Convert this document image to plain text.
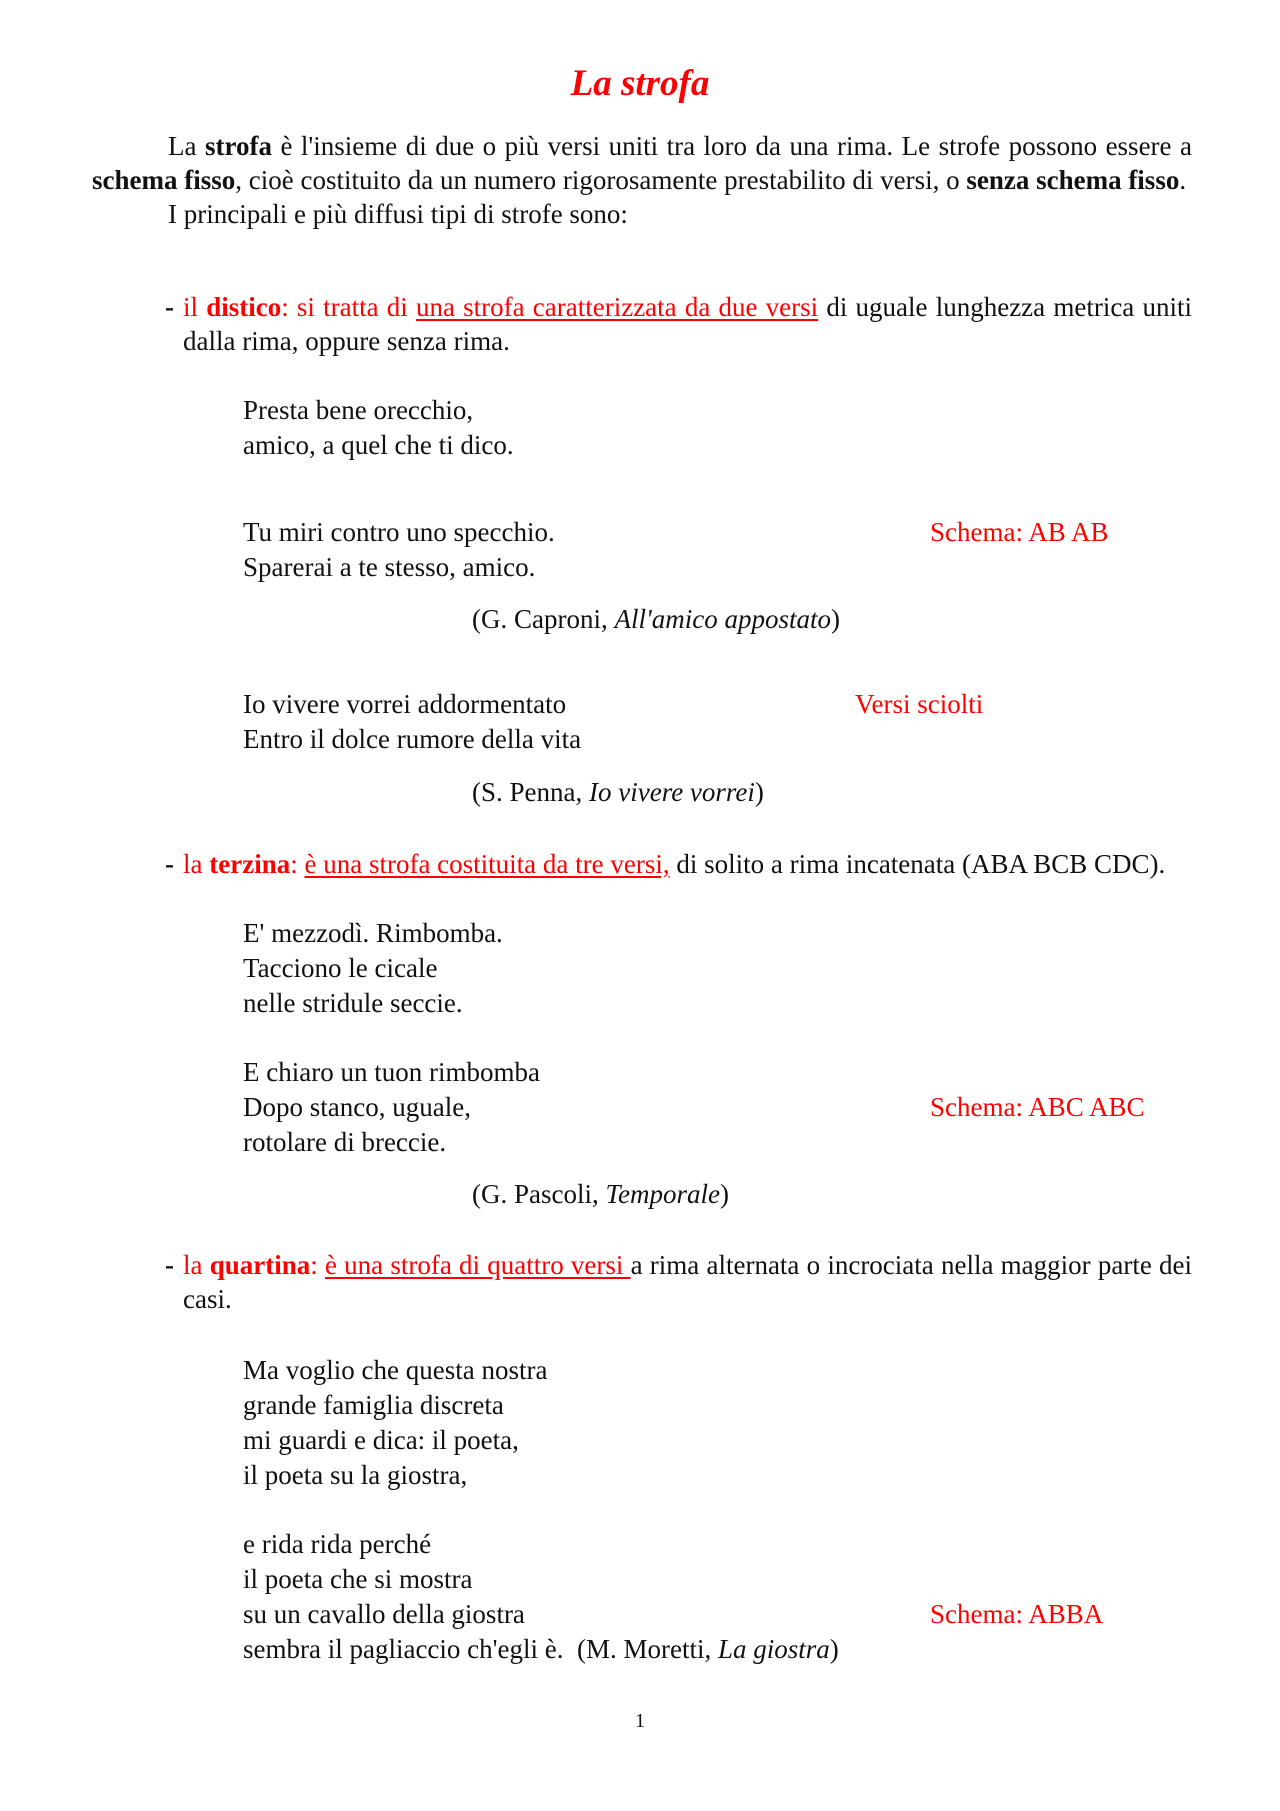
La strofa
La strofa è l'insieme di due o più versi uniti tra loro da una rima. Le strofe possono essere a schema fisso, cioè costituito da un numero rigorosamente prestabilito di versi, o senza schema fisso.
I principali e più diffusi tipi di strofe sono:
- il distico: si tratta di una strofa caratterizzata da due versi di uguale lunghezza metrica uniti dalla rima, oppure senza rima.
Presta bene orecchio,
amico, a quel che ti dico.
Tu miri contro uno specchio.
Sparerai a te stesso, amico.
Schema: AB AB
(G. Caproni, All'amico appostato)
Io vivere vorrei addormentato
Entro il dolce rumore della vita
Versi sciolti
(S. Penna, Io vivere vorrei)
- la terzina: è una strofa costituita da tre versi, di solito a rima incatenata (ABA BCB CDC).
E' mezzodì. Rimbomba.
Tacciono le cicale
nelle stridule seccie.
E chiaro un tuon rimbomba
Dopo stanco, uguale,
rotolare di breccie.
Schema: ABC ABC
(G. Pascoli, Temporale)
- la quartina: è una strofa di quattro versi a rima alternata o incrociata nella maggior parte dei casi.
Ma voglio che questa nostra
grande famiglia discreta
mi guardi e dica: il poeta,
il poeta su la giostra,
e rida rida perché
il poeta che si mostra
su un cavallo della giostra	Schema: ABBA
sembra il pagliaccio ch'egli è. (M. Moretti, La giostra)
1
